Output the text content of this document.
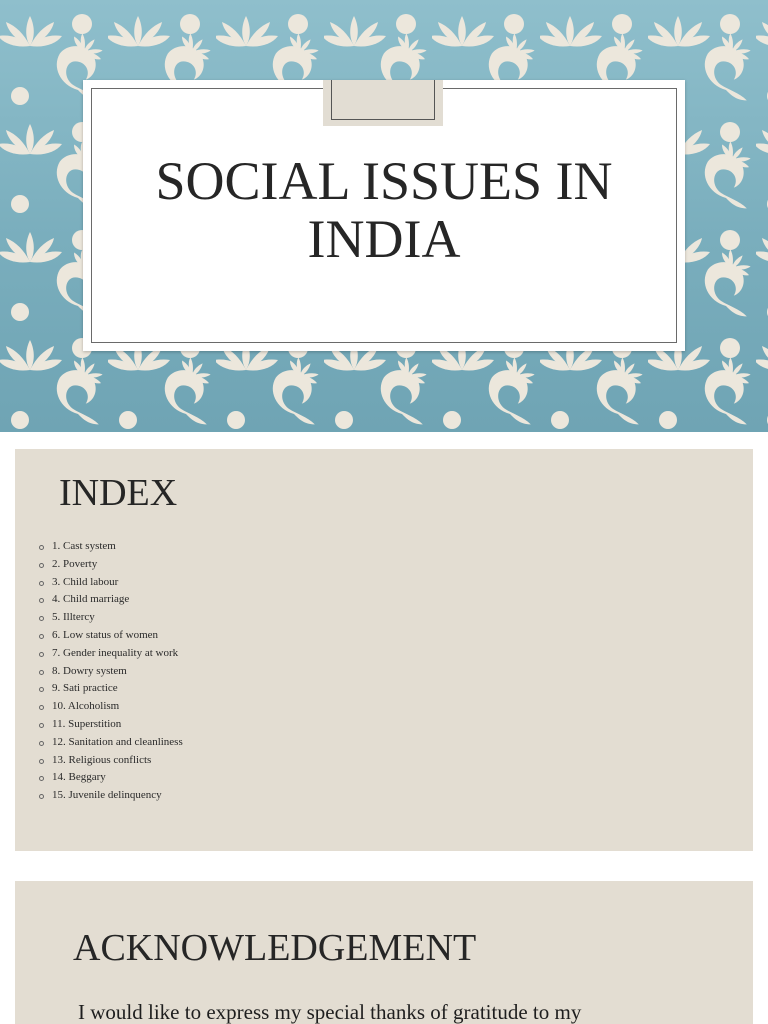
SOCIAL ISSUES IN
INDIA
INDEX
1. Cast system
2. Poverty
3. Child labour
4. Child marriage
5. Illtercy
6. Low status of women
7. Gender inequality at work
8. Dowry system
9. Sati practice
10. Alcoholism
11. Superstition
12. Sanitation and cleanliness
13. Religious conflicts
14. Beggary
15. Juvenile delinquency
ACKNOWLEDGEMENT
I would like to express my special thanks of gratitude to my
